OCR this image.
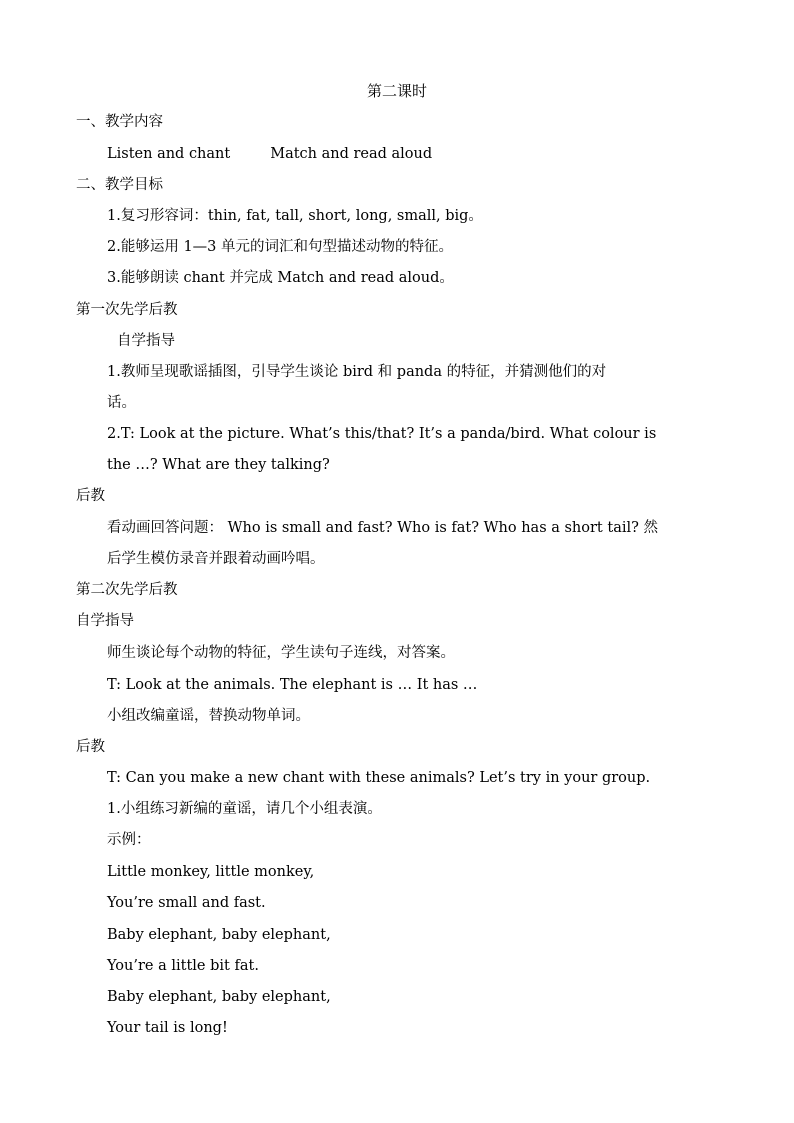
第二课时
一、教学内容
Listen and chant	Match and read aloud
二、教学目标
1.复习形容词：thin, fat, tall, short, long, small, big。
2.能够运用 1—3 单元的词汇和句型描述动物的特征。
3.能够朗读 chant 并完成 Match and read aloud。
第一次先学后教
自学指导
1.教师呈现歌谣插图，引导学生谈论 bird 和 panda 的特征，并猜测他们的对
话。
2.T: Look at the picture. What’s this/that? It’s a panda/bird. What colour is
the …? What are they talking?
后教
看动画回答问题： Who is small and fast? Who is fat? Who has a short tail? 然
后学生模仿录音并跟着动画吟唱。
第二次先学后教
自学指导
师生谈论每个动物的特征，学生读句子连线，对答案。
T: Look at the animals. The elephant is … It has …
小组改编童谣，替换动物单词。
后教
T: Can you make a new chant with these animals? Let’s try in your group.
1.小组练习新编的童谣，请几个小组表演。
示例：
Little monkey, little monkey,
You’re small and fast.
Baby elephant, baby elephant,
You’re a little bit fat.
Baby elephant, baby elephant,
Your tail is long!
